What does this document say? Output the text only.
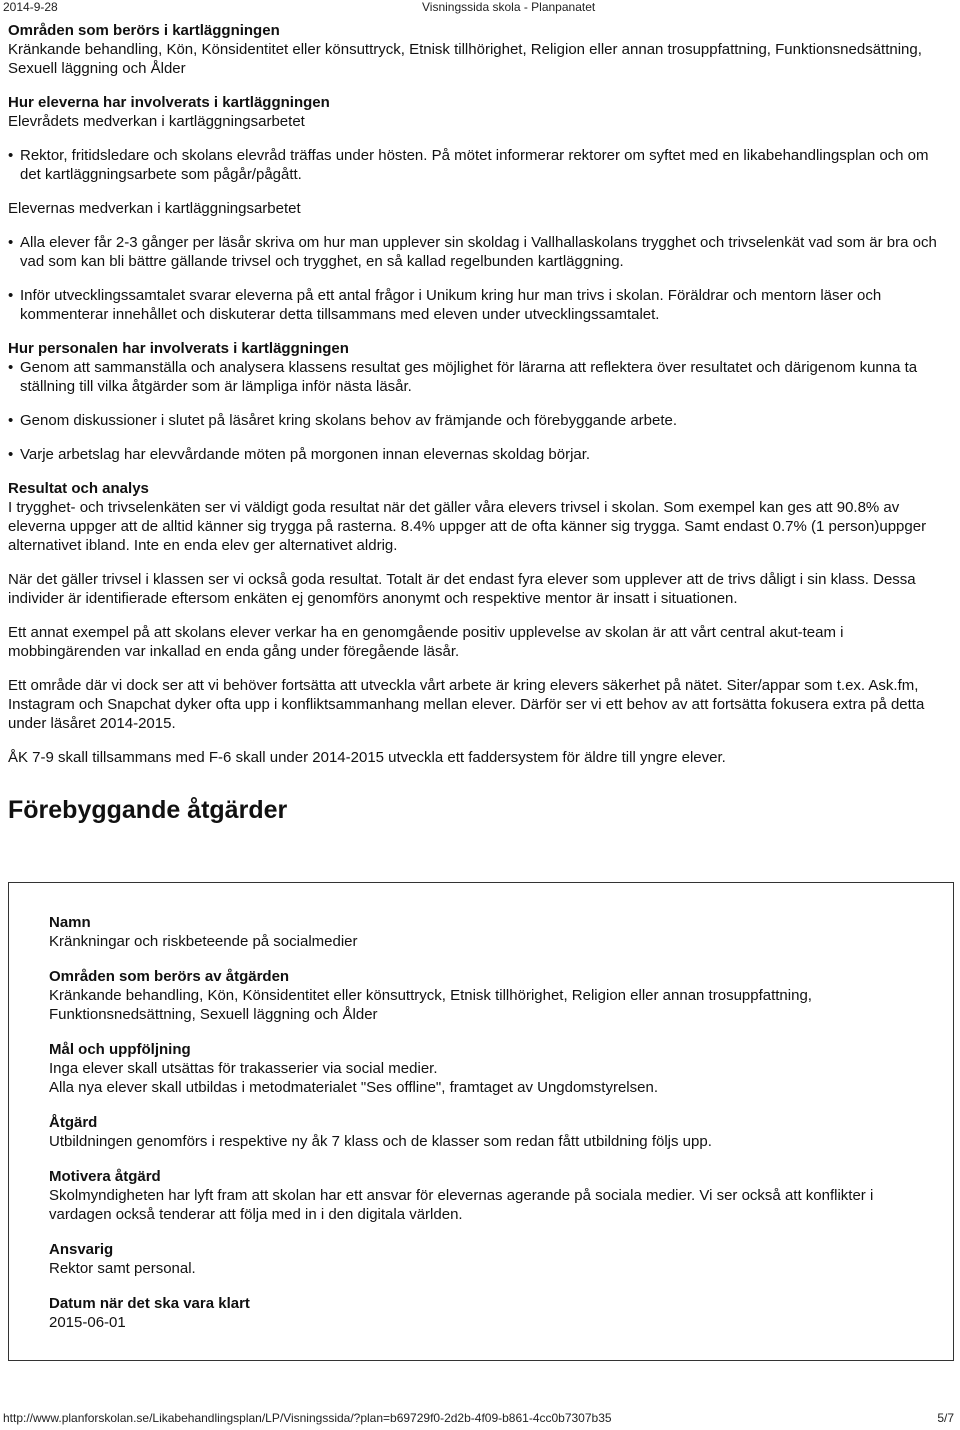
2014-9-28	Visningssida skola - Planpanatet

Områden som berörs i kartläggningen

Kränkande behandling, Kön, Könsidentitet eller könsuttryck, Etnisk tillhörighet, Religion eller annan trosuppfattning, Funktionsnedsättning, Sexuell läggning och Ålder

Hur eleverna har involverats i kartläggningen

Elevrådets medverkan i kartläggningsarbetet

• Rektor, fritidsledare och skolans elevråd träffas under hösten. På mötet informerar rektorer om syftet med en likabehandlingsplan och om det kartläggningsarbete som pågår/pågått.

Elevernas medverkan i kartläggningsarbetet

• Alla elever får 2-3 gånger per läsår skriva om hur man upplever sin skoldag i Vallhallaskolans trygghet och trivselenkät vad som är bra och vad som kan bli bättre gällande trivsel och trygghet, en så kallad regelbunden kartläggning.

• Inför utvecklingssamtalet svarar eleverna på ett antal frågor i Unikum kring hur man trivs i skolan. Föräldrar och mentorn läser och kommenterar innehållet och diskuterar detta tillsammans med eleven under utvecklingssamtalet.

Hur personalen har involverats i kartläggningen

• Genom att sammanställa och analysera klassens resultat ges möjlighet för lärarna att reflektera över resultatet och därigenom kunna ta ställning till vilka åtgärder som är lämpliga inför nästa läsår.

• Genom diskussioner i slutet på läsåret kring skolans behov av främjande och förebyggande arbete.

• Varje arbetslag har elevvårdande möten på morgonen innan elevernas skoldag börjar.

Resultat och analys

I trygghet- och trivselenkäten ser vi väldigt goda resultat när det gäller våra elevers trivsel i skolan. Som exempel kan ges att 90.8% av eleverna uppger att de alltid känner sig trygga på rasterna. 8.4% uppger att de ofta känner sig trygga. Samt endast 0.7% (1 person)uppger alternativet ibland. Inte en enda elev ger alternativet aldrig.

När det gäller trivsel i klassen ser vi också goda resultat. Totalt är det endast fyra elever som upplever att de trivs dåligt i sin klass. Dessa individer är identifierade eftersom enkäten ej genomförs anonymt och respektive mentor är insatt i situationen.

Ett annat exempel på att skolans elever verkar ha en genomgående positiv upplevelse av skolan är att vårt central akut-team i mobbingärenden var inkallad en enda gång under föregående läsår.

Ett område där vi dock ser att vi behöver fortsätta att utveckla vårt arbete är kring elevers säkerhet på nätet. Siter/appar som t.ex. Ask.fm, Instagram och Snapchat dyker ofta upp i konfliktsammanhang mellan elever. Därför ser vi ett behov av att fortsätta fokusera extra på detta under läsåret 2014-2015.

ÅK 7-9 skall tillsammans med F-6 skall under 2014-2015 utveckla ett faddersystem för äldre till yngre elever.

Förebyggande åtgärder

Namn

Kränkningar och riskbeteende på socialmedier

Områden som berörs av åtgärden

Kränkande behandling, Kön, Könsidentitet eller könsuttryck, Etnisk tillhörighet, Religion eller annan trosuppfattning, Funktionsnedsättning, Sexuell läggning och Ålder

Mål och uppföljning

Inga elever skall utsättas för trakasserier via social medier.

Alla nya elever skall utbildas i metodmaterialet "Ses offline", framtaget av Ungdomstyrelsen.

Åtgärd

Utbildningen genomförs i respektive ny åk 7 klass och de klasser som redan fått utbildning följs upp.

Motivera åtgärd

Skolmyndigheten har lyft fram att skolan har ett ansvar för elevernas agerande på sociala medier. Vi ser också att konflikter i vardagen också tenderar att följa med in i den digitala världen.

Ansvarig

Rektor samt personal.

Datum när det ska vara klart

2015-06-01

http://www.planforskolan.se/Likabehandlingsplan/LP/Visningssida/?plan=b69729f0-2d2b-4f09-b861-4cc0b7307b35	5/7
